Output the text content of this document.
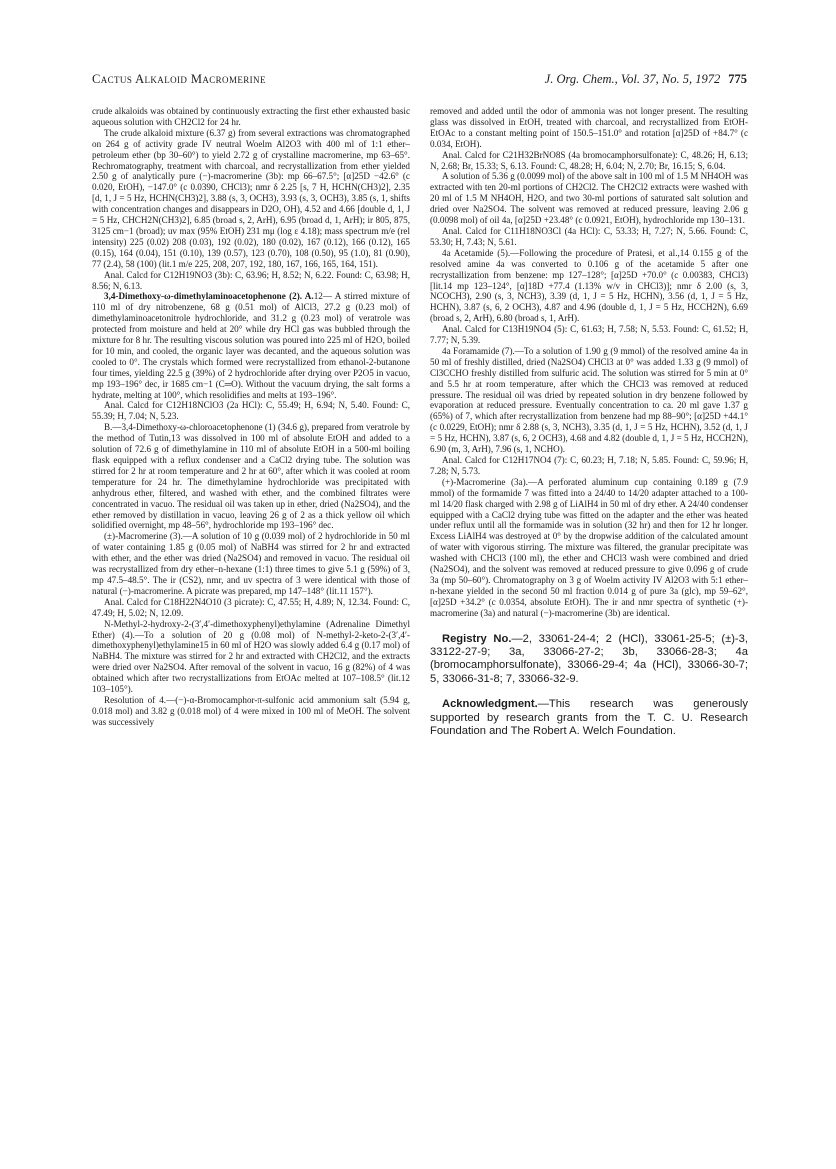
Cactus Alkaloid Macromerine	J. Org. Chem., Vol. 37, No. 5, 1972 775

crude alkaloids was obtained by continuously extracting the first ether exhausted basic aqueous solution with CH2Cl2 for 24 hr.

The crude alkaloid mixture (6.37 g) from several extractions was chromatographed on 264 g of activity grade IV neutral Woelm Al2O3 with 400 ml of 1:1 ether–petroleum ether (bp 30–60°) to yield 2.72 g of crystalline macromerine, mp 63–65°. Rechromatography, treatment with charcoal, and recrystallization from ether yielded 2.50 g of analytically pure (−)-macromerine (3b): mp 66–67.5°; [α]25D −42.6° (c 0.020, EtOH), −147.0° (c 0.0390, CHCl3); nmr δ 2.25 [s, 7 H, HCHN(CH3)2], 2.35 [d, 1, J = 5 Hz, HCHN(CH3)2], 3.88 (s, 3, OCH3), 3.93 (s, 3, OCH3), 3.85 (s, 1, shifts with concentration changes and disappears in D2O, OH), 4.52 and 4.66 [double d, 1, J = 5 Hz, CHCH2N(CH3)2], 6.85 (broad s, 2, ArH), 6.95 (broad d, 1, ArH); ir 805, 875, 3125 cm−1 (broad); uv max (95% EtOH) 231 mμ (log ε 4.18); mass spectrum m/e (rel intensity) 225 (0.02) 208 (0.03), 192 (0.02), 180 (0.02), 167 (0.12), 166 (0.12), 165 (0.15), 164 (0.04), 151 (0.10), 139 (0.57), 123 (0.70), 108 (0.50), 95 (1.0), 81 (0.90), 77 (2.4), 58 (100) (lit.1 m/e 225, 208, 207, 192, 180, 167, 166, 165, 164, 151).

Anal. Calcd for C12H19NO3 (3b): C, 63.96; H, 8.52; N, 6.22. Found: C, 63.98; H, 8.56; N, 6.13.

3,4-Dimethoxy-ω-dimethylaminoacetophenone (2). A.12— A stirred mixture of 110 ml of dry nitrobenzene, 68 g (0.51 mol) of AlCl3, 27.2 g (0.23 mol) of dimethylaminoacetonitrole hydrochloride, and 31.2 g (0.23 mol) of veratrole was protected from moisture and held at 20° while dry HCl gas was bubbled through the mixture for 8 hr. The resulting viscous solution was poured into 225 ml of H2O, boiled for 10 min, and cooled, the organic layer was decanted, and the aqueous solution was cooled to 0°. The crystals which formed were recrystallized from ethanol-2-butanone four times, yielding 22.5 g (39%) of 2 hydrochloride after drying over P2O5 in vacuo, mp 193–196° dec, ir 1685 cm−1 (C═O). Without the vacuum drying, the salt forms a hydrate, melting at 100°, which resolidifies and melts at 193–196°.

Anal. Calcd for C12H18NClO3 (2a HCl): C, 55.49; H, 6.94; N, 5.40. Found: C, 55.39; H, 7.04; N, 5.23.

B.—3,4-Dimethoxy-ω-chloroacetophenone (1) (34.6 g), prepared from veratrole by the method of Tutin,13 was dissolved in 100 ml of absolute EtOH and added to a solution of 72.6 g of dimethylamine in 110 ml of absolute EtOH in a 500-ml boiling flask equipped with a reflux condenser and a CaCl2 drying tube. The solution was stirred for 2 hr at room temperature and 2 hr at 60°, after which it was cooled at room temperature for 24 hr. The dimethylamine hydrochloride was precipitated with anhydrous ether, filtered, and washed with ether, and the combined filtrates were concentrated in vacuo. The residual oil was taken up in ether, dried (Na2SO4), and the ether removed by distillation in vacuo, leaving 26 g of 2 as a thick yellow oil which solidified overnight, mp 48–56°, hydrochloride mp 193–196° dec.

(±)-Macromerine (3).—A solution of 10 g (0.039 mol) of 2 hydrochloride in 50 ml of water containing 1.85 g (0.05 mol) of NaBH4 was stirred for 2 hr and extracted with ether, and the ether was dried (Na2SO4) and removed in vacuo. The residual oil was recrystallized from dry ether–n-hexane (1:1) three times to give 5.1 g (59%) of 3, mp 47.5–48.5°. The ir (CS2), nmr, and uv spectra of 3 were identical with those of natural (−)-macromerine. A picrate was prepared, mp 147–148° (lit.11 157°).

Anal. Calcd for C18H22N4O10 (3 picrate): C, 47.55; H, 4.89; N, 12.34. Found: C, 47.49; H, 5.02; N, 12.09.

N-Methyl-2-hydroxy-2-(3′,4′-dimethoxyphenyl)ethylamine (Adrenaline Dimethyl Ether) (4).—To a solution of 20 g (0.08 mol) of N-methyl-2-keto-2-(3′,4′-dimethoxyphenyl)ethylamine15 in 60 ml of H2O was slowly added 6.4 g (0.17 mol) of NaBH4. The mixture was stirred for 2 hr and extracted with CH2Cl2, and the extracts were dried over Na2SO4. After removal of the solvent in vacuo, 16 g (82%) of 4 was obtained which after two recrystallizations from EtOAc melted at 107–108.5° (lit.12 103–105°).

Resolution of 4.—(−)-α-Bromocamphor-π-sulfonic acid ammonium salt (5.94 g, 0.018 mol) and 3.82 g (0.018 mol) of 4 were mixed in 100 ml of MeOH. The solvent was successively

removed and added until the odor of ammonia was not longer present. The resulting glass was dissolved in EtOH, treated with charcoal, and recrystallized from EtOH-EtOAc to a constant melting point of 150.5–151.0° and rotation [α]25D of +84.7° (c 0.034, EtOH).

Anal. Calcd for C21H32BrNO8S (4a bromocamphorsulfonate): C, 48.26; H, 6.13; N, 2.68; Br, 15.33; S, 6.13. Found: C, 48.28; H, 6.04; N, 2.70; Br, 16.15; S, 6.04.

A solution of 5.36 g (0.0099 mol) of the above salt in 100 ml of 1.5 M NH4OH was extracted with ten 20-ml portions of CH2Cl2. The CH2Cl2 extracts were washed with 20 ml of 1.5 M NH4OH, H2O, and two 30-ml portions of saturated salt solution and dried over Na2SO4. The solvent was removed at reduced pressure, leaving 2.06 g (0.0098 mol) of oil 4a, [α]25D +23.48° (c 0.0921, EtOH), hydrochloride mp 130–131.

Anal. Calcd for C11H18NO3Cl (4a HCl): C, 53.33; H, 7.27; N, 5.66. Found: C, 53.30; H, 7.43; N, 5.61.

4a Acetamide (5).—Following the procedure of Pratesi, et al.,14 0.155 g of the resolved amine 4a was converted to 0.106 g of the acetamide 5 after one recrystallization from benzene: mp 127–128°; [α]25D +70.0° (c 0.00383, CHCl3) [lit.14 mp 123–124°, [α]18D +77.4 (1.13% w/v in CHCl3)]; nmr δ 2.00 (s, 3, NCOCH3), 2.90 (s, 3, NCH3), 3.39 (d, 1, J = 5 Hz, HCHN), 3.56 (d, 1, J = 5 Hz, HCHN), 3.87 (s, 6, 2 OCH3), 4.87 and 4.96 (double d, 1, J = 5 Hz, HCCH2N), 6.69 (broad s, 2, ArH), 6.80 (broad s, 1, ArH).

Anal. Calcd for C13H19NO4 (5): C, 61.63; H, 7.58; N, 5.53. Found: C, 61.52; H, 7.77; N, 5.39.

4a Foramamide (7).—To a solution of 1.90 g (9 mmol) of the resolved amine 4a in 50 ml of freshly distilled, dried (Na2SO4) CHCl3 at 0° was added 1.33 g (9 mmol) of Cl3CCHO freshly distilled from sulfuric acid. The solution was stirred for 5 min at 0° and 5.5 hr at room temperature, after which the CHCl3 was removed at reduced pressure. The residual oil was dried by repeated solution in dry benzene followed by evaporation at reduced pressure. Eventually concentration to ca. 20 ml gave 1.37 g (65%) of 7, which after recrystallization from benzene had mp 88–90°; [α]25D +44.1° (c 0.0229, EtOH); nmr δ 2.88 (s, 3, NCH3), 3.35 (d, 1, J = 5 Hz, HCHN), 3.52 (d, 1, J = 5 Hz, HCHN), 3.87 (s, 6, 2 OCH3), 4.68 and 4.82 (double d, 1, J = 5 Hz, HCCH2N), 6.90 (m, 3, ArH), 7.96 (s, 1, NCHO).

Anal. Calcd for C12H17NO4 (7): C, 60.23; H, 7.18; N, 5.85. Found: C, 59.96; H, 7.28; N, 5.73.

(+)-Macromerine (3a).—A perforated aluminum cup containing 0.189 g (7.9 mmol) of the formamide 7 was fitted into a 24/40 to 14/20 adapter attached to a 100-ml 14/20 flask charged with 2.98 g of LiAlH4 in 50 ml of dry ether. A 24/40 condenser equipped with a CaCl2 drying tube was fitted on the adapter and the ether was heated under reflux until all the formamide was in solution (32 hr) and then for 12 hr longer. Excess LiAlH4 was destroyed at 0° by the dropwise addition of the calculated amount of water with vigorous stirring. The mixture was filtered, the granular precipitate was washed with CHCl3 (100 ml), the ether and CHCl3 wash were combined and dried (Na2SO4), and the solvent was removed at reduced pressure to give 0.096 g of crude 3a (mp 50–60°). Chromatography on 3 g of Woelm activity IV Al2O3 with 5:1 ether–n-hexane yielded in the second 50 ml fraction 0.014 g of pure 3a (glc), mp 59–62°, [α]25D +34.2° (c 0.0354, absolute EtOH). The ir and nmr spectra of synthetic (+)-macromerine (3a) and natural (−)-macromerine (3b) are identical.

Registry No.—2, 33061-24-4; 2 (HCl), 33061-25-5; (±)-3, 33122-27-9; 3a, 33066-27-2; 3b, 33066-28-3; 4a (bromocamphorsulfonate), 33066-29-4; 4a (HCl), 33066-30-7; 5, 33066-31-8; 7, 33066-32-9.

Acknowledgment.—This research was generously supported by research grants from the T. C. U. Research Foundation and The Robert A. Welch Foundation.
